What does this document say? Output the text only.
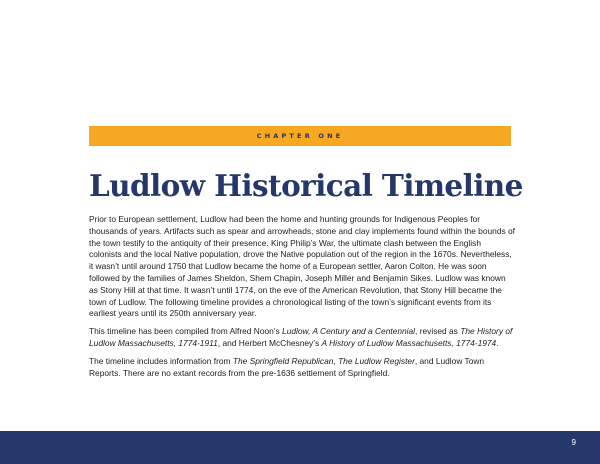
CHAPTER ONE
Ludlow Historical Timeline

Prior to European settlement, Ludlow had been the home and hunting grounds for Indigenous Peoples for thousands of years. Artifacts such as spear and arrowheads, stone and clay implements found within the bounds of the town testify to the antiquity of their presence. King Philip’s War, the ultimate clash between the English colonists and the local Native population, drove the Native population out of the region in the 1670s. Nevertheless, it wasn’t until around 1750 that Ludlow became the home of a European settler, Aaron Colton. He was soon followed by the families of James Sheldon, Shem Chapin, Joseph Miller and Benjamin Sikes. Ludlow was known as Stony Hill at that time. It wasn’t until 1774, on the eve of the American Revolution, that Stony Hill became the town of Ludlow. The following timeline provides a chronological listing of the town’s significant events from its earliest years until its 250th anniversary year.

This timeline has been compiled from Alfred Noon’s Ludlow, A Century and a Centennial, revised as The History of Ludlow Massachusetts, 1774-1911, and Herbert McChesney’s A History of Ludlow Massachusetts, 1774-1974.

The timeline includes information from The Springfield Republican, The Ludlow Register, and Ludlow Town Reports. There are no extant records from the pre-1636 settlement of Springfield.

9
